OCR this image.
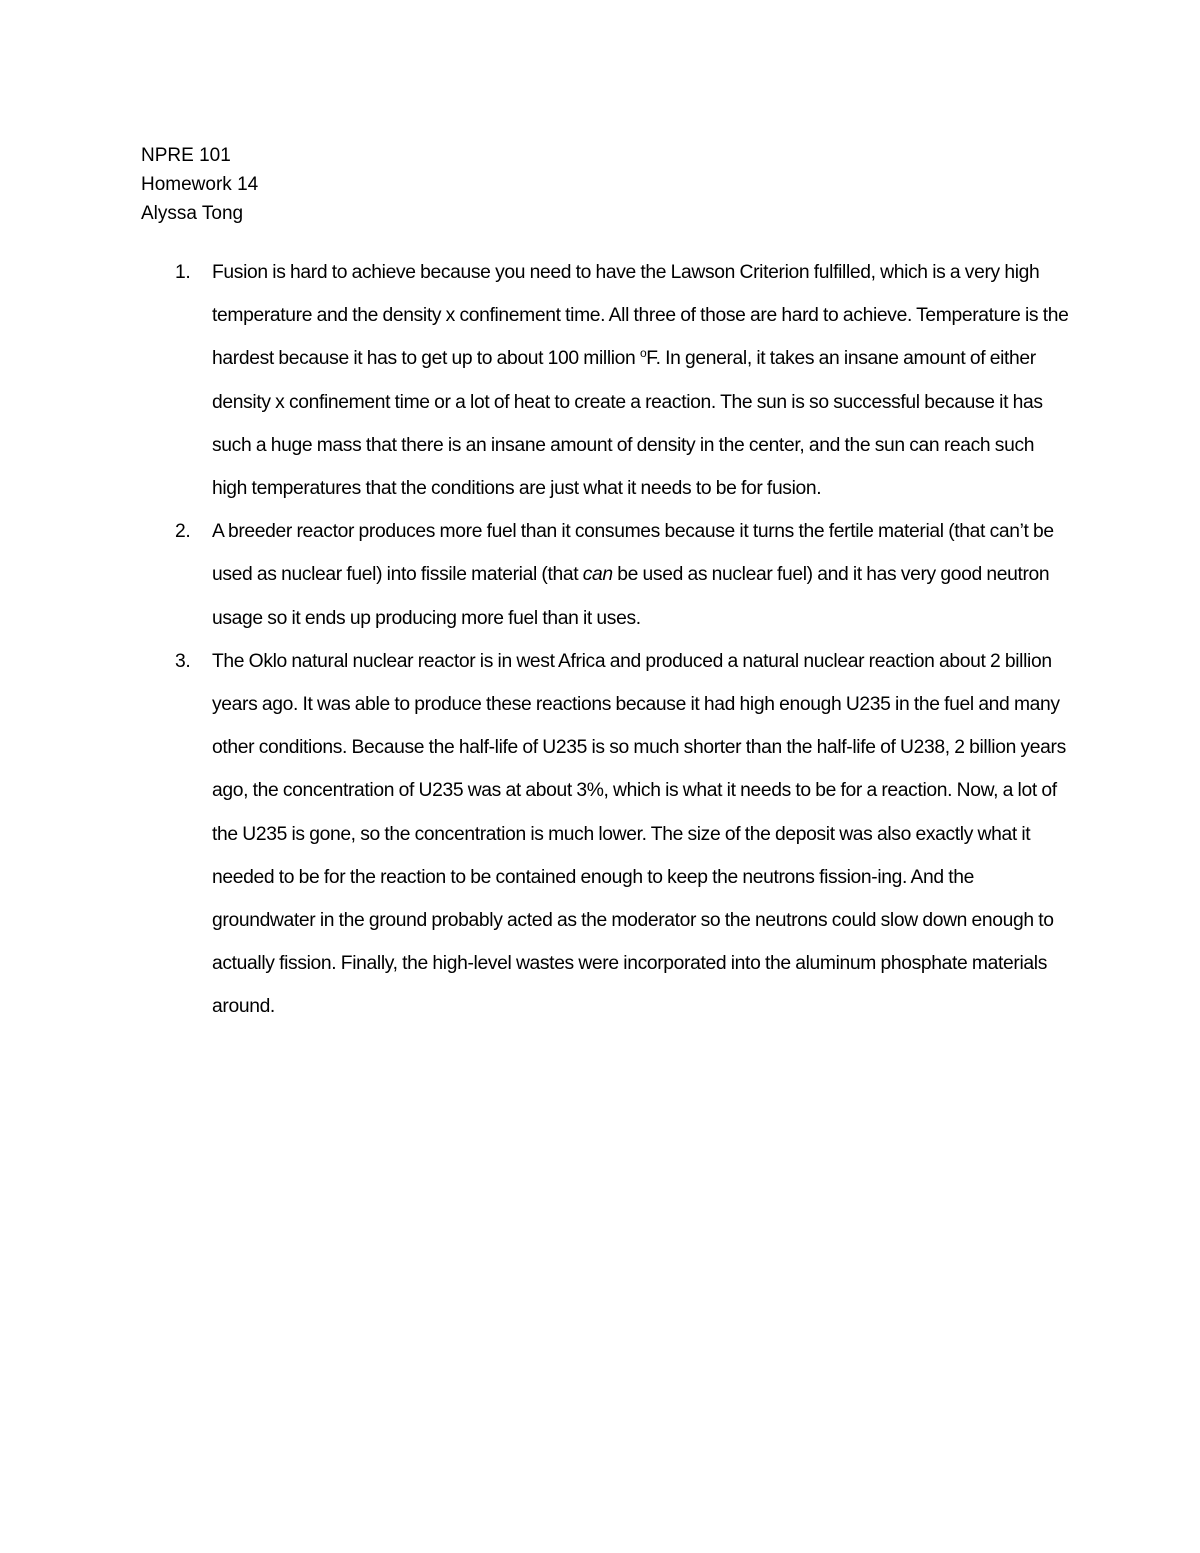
NPRE 101
Homework 14
Alyssa Tong
1. Fusion is hard to achieve because you need to have the Lawson Criterion fulfilled, which is a very high temperature and the density x confinement time. All three of those are hard to achieve. Temperature is the hardest because it has to get up to about 100 million $^o$F. In general, it takes an insane amount of either density x confinement time or a lot of heat to create a reaction. The sun is so successful because it has such a huge mass that there is an insane amount of density in the center, and the sun can reach such high temperatures that the conditions are just what it needs to be for fusion.
2. A breeder reactor produces more fuel than it consumes because it turns the fertile material (that can’t be used as nuclear fuel) into fissile material (that can be used as nuclear fuel) and it has very good neutron usage so it ends up producing more fuel than it uses.
3. The Oklo natural nuclear reactor is in west Africa and produced a natural nuclear reaction about 2 billion years ago. It was able to produce these reactions because it had high enough U235 in the fuel and many other conditions. Because the half-life of U235 is so much shorter than the half-life of U238, 2 billion years ago, the concentration of U235 was at about 3%, which is what it needs to be for a reaction. Now, a lot of the U235 is gone, so the concentration is much lower. The size of the deposit was also exactly what it needed to be for the reaction to be contained enough to keep the neutrons fission-ing. And the groundwater in the ground probably acted as the moderator so the neutrons could slow down enough to actually fission. Finally, the high-level wastes were incorporated into the aluminum phosphate materials around.
